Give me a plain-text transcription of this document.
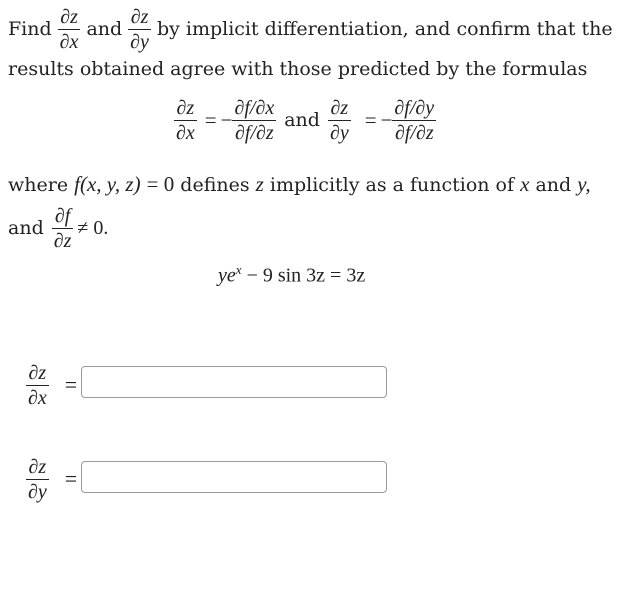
Find $\frac{\partial z}{\partial x}$ and $\frac{\partial z}{\partial y}$ by implicit differentiation, and confirm that the
results obtained agree with those predicted by the formulas
$\frac{\partial z}{\partial x}$ = − $\frac{\partial f/\partial x}{\partial f/\partial z}$ and $\frac{\partial z}{\partial y}$ = − $\frac{\partial f/\partial y}{\partial f/\partial z}$
where f(x, y, z) = 0 defines z implicitly as a function of x and y,
and $\frac{\partial f}{\partial z} \ne 0$.
$ye^x - 9$ sin 3z = 3z
$\frac{\partial z}{\partial x}$ =
$\frac{\partial z}{\partial y}$ =
